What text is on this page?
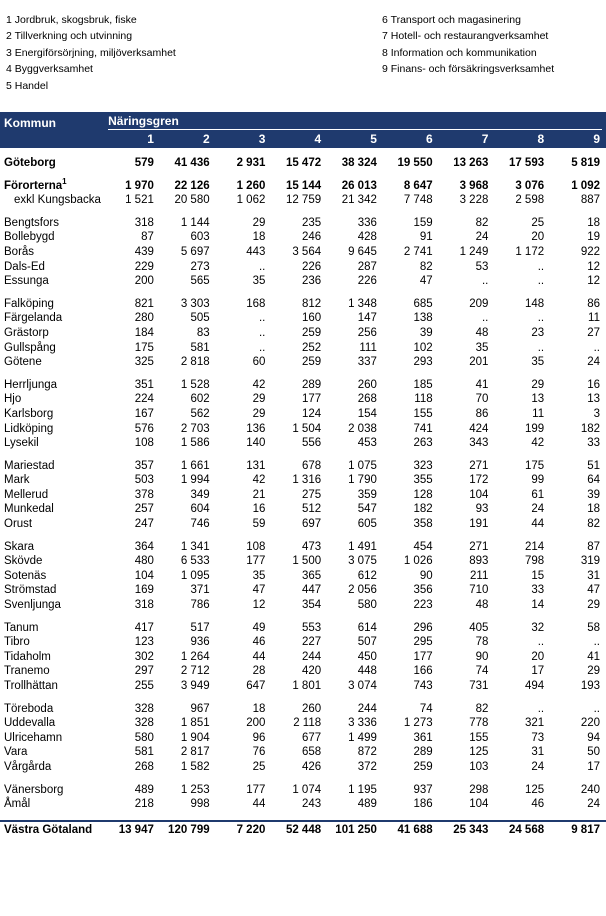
1 Jordbruk, skogsbruk, fiske
2 Tillverkning och utvinning
3 Energiförsörjning, miljöverksamhet
4 Byggverksamhet
5 Handel
6 Transport och magasinering
7 Hotell- och restaurangverksamhet
8 Information och kommunikation
9 Finans- och försäkringsverksamhet
Kommun	Näringsgren								

	1	2	3	4	5	6	7	8	9

Göteborg	579	41 436	2 931	15 472	38 324	19 550	13 263	17 593	5 819

Förorterna$^1$	1 970	22 126	1 260	15 144	26 013	8 647	3 968	3 076	1 092
exkl Kungsbacka	1 521	20 580	1 062	12 759	21 342	7 748	3 228	2 598	887

Bengtsfors	318	1 144	29	235	336	159	82	25	18
Bollebygd	87	603	18	246	428	91	24	20	19
Borås	439	5 697	443	3 564	9 645	2 741	1 249	1 172	922
Dals-Ed	229	273	..	226	287	82	53	..	12
Essunga	200	565	35	236	226	47	..	..	12

Falköping	821	3 303	168	812	1 348	685	209	148	86
Färgelanda	280	505	..	160	147	138	..	..	11
Grästorp	184	83	..	259	256	39	48	23	27
Gullspång	175	581	..	252	111	102	35	..	..
Götene	325	2 818	60	259	337	293	201	35	24

Herrljunga	351	1 528	42	289	260	185	41	29	16
Hjo	224	602	29	177	268	118	70	13	13
Karlsborg	167	562	29	124	154	155	86	11	3
Lidköping	576	2 703	136	1 504	2 038	741	424	199	182
Lysekil	108	1 586	140	556	453	263	343	42	33

Mariestad	357	1 661	131	678	1 075	323	271	175	51
Mark	503	1 994	42	1 316	1 790	355	172	99	64
Mellerud	378	349	21	275	359	128	104	61	39
Munkedal	257	604	16	512	547	182	93	24	18
Orust	247	746	59	697	605	358	191	44	82

Skara	364	1 341	108	473	1 491	454	271	214	87
Skövde	480	6 533	177	1 500	3 075	1 026	893	798	319
Sotenäs	104	1 095	35	365	612	90	211	15	31
Strömstad	169	371	47	447	2 056	356	710	33	47
Svenljunga	318	786	12	354	580	223	48	14	29

Tanum	417	517	49	553	614	296	405	32	58
Tibro	123	936	46	227	507	295	78	..	..
Tidaholm	302	1 264	44	244	450	177	90	20	41
Tranemo	297	2 712	28	420	448	166	74	17	29
Trollhättan	255	3 949	647	1 801	3 074	743	731	494	193

Töreboda	328	967	18	260	244	74	82	..	..
Uddevalla	328	1 851	200	2 118	3 336	1 273	778	321	220
Ulricehamn	580	1 904	96	677	1 499	361	155	73	94
Vara	581	2 817	76	658	872	289	125	31	50
Vårgårda	268	1 582	25	426	372	259	103	24	17

Vänersborg	489	1 253	177	1 074	1 195	937	298	125	240
Åmål	218	998	44	243	489	186	104	46	24

Västra Götaland	13 947	120 799	7 220	52 448	101 250	41 688	25 343	24 568	9 817
